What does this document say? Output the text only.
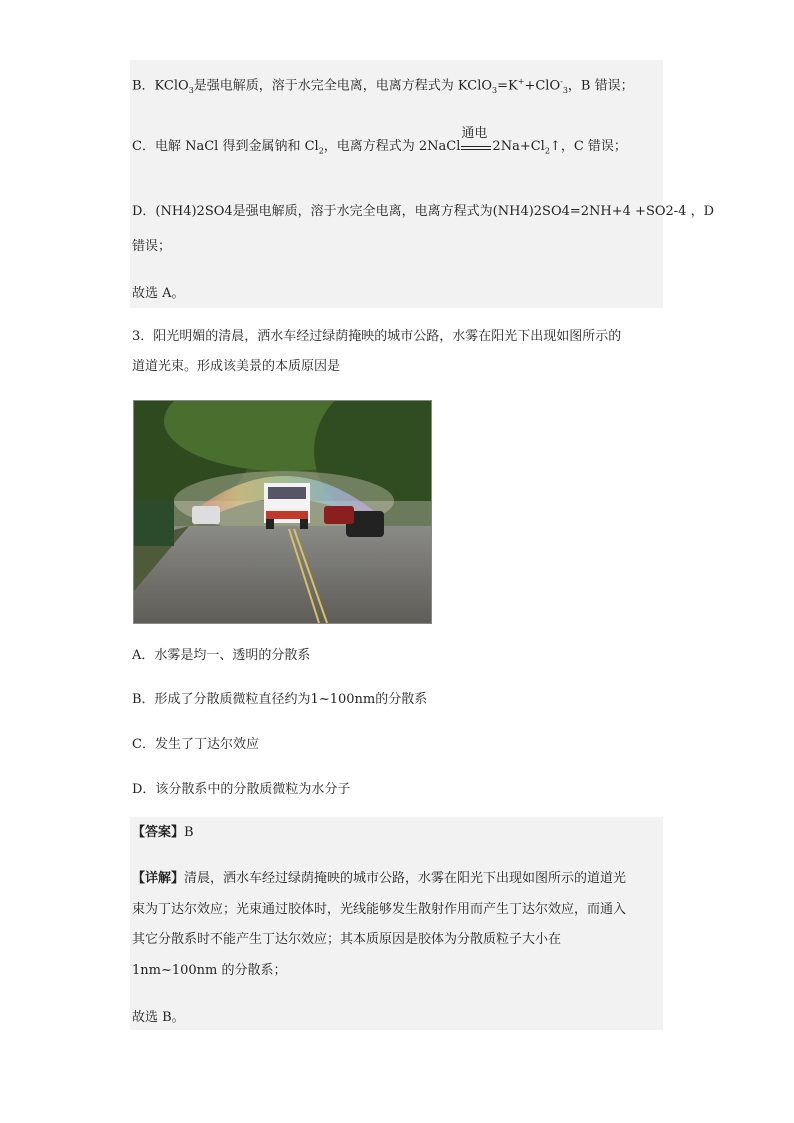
B．KClO$_3$是强电解质，溶于水完全电离，电离方程式为 KClO$_3$=K++ClO-$_3$，B 错误；
C．电解 NaCl 得到金属钠和 $Cl_2$，电离方程式为 2NaCl
通电
$2Na+Cl_2↑$，C 错误；
D．(NH4)2SO4是强电解质，溶于水完全电离，电离方程式为(NH4)2SO4=2NH+4 +SO2-4 ，D
错误；
故选 A。
3．阳光明媚的清晨，洒水车经过绿荫掩映的城市公路，水雾在阳光下出现如图所示的
道道光束。形成该美景的本质原因是
A．水雾是均一、透明的分散系
B．形成了分散质微粒直径约为1~100nm的分散系
C．发生了丁达尔效应
D．该分散系中的分散质微粒为水分子
【答案】B
【详解】清晨，洒水车经过绿荫掩映的城市公路，水雾在阳光下出现如图所示的道道光
束为丁达尔效应；光束通过胶体时，光线能够发生散射作用而产生丁达尔效应，而通入
其它分散系时不能产生丁达尔效应；其本质原因是胶体为分散质粒子大小在
1nm~100nm 的分散系；
故选 B。
